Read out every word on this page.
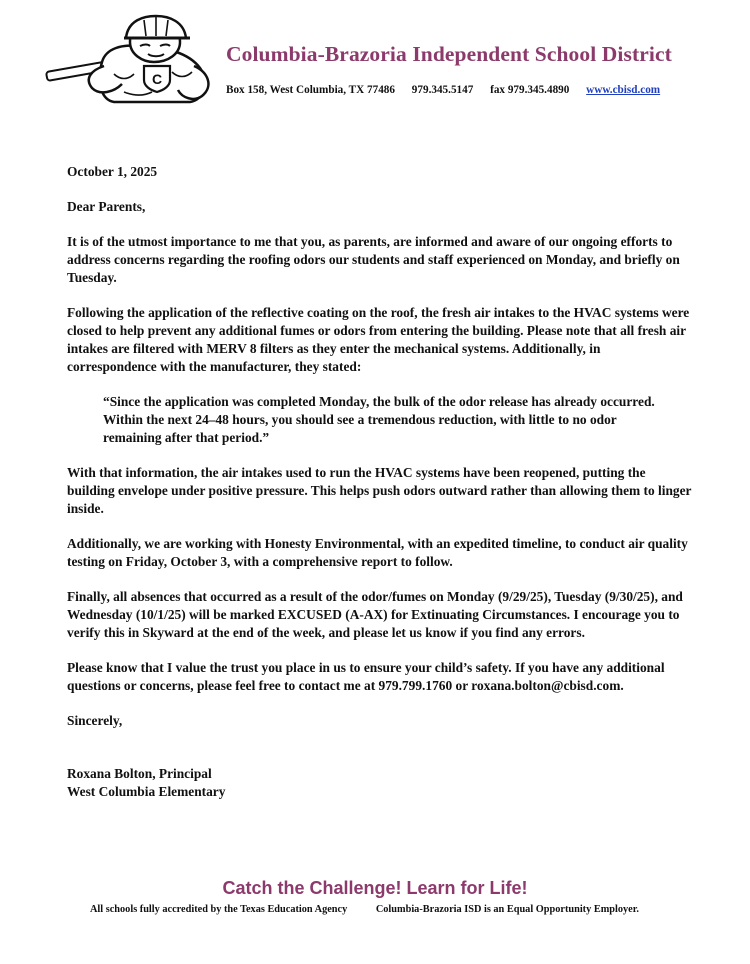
C
Columbia-Brazoria Independent School District
Box 158, West Columbia, TX 77486 979.345.5147 fax 979.345.4890 www.cbisd.com

October 1, 2025

Dear Parents,

It is of the utmost importance to me that you, as parents, are informed and aware of our ongoing efforts to address concerns regarding the roofing odors our students and staff experienced on Monday, and briefly on Tuesday.

Following the application of the reflective coating on the roof, the fresh air intakes to the HVAC systems were closed to help prevent any additional fumes or odors from entering the building. Please note that all fresh air intakes are filtered with MERV 8 filters as they enter the mechanical systems. Additionally, in correspondence with the manufacturer, they stated:

“Since the application was completed Monday, the bulk of the odor release has already occurred. Within the next 24–48 hours, you should see a tremendous reduction, with little to no odor remaining after that period.”

With that information, the air intakes used to run the HVAC systems have been reopened, putting the building envelope under positive pressure. This helps push odors outward rather than allowing them to linger inside.

Additionally, we are working with Honesty Environmental, with an expedited timeline, to conduct air quality testing on Friday, October 3, with a comprehensive report to follow.

Finally, all absences that occurred as a result of the odor/fumes on Monday (9/29/25), Tuesday (9/30/25), and Wednesday (10/1/25) will be marked EXCUSED (A-AX) for Extinuating Circumstances. I encourage you to verify this in Skyward at the end of the week, and please let us know if you find any errors.

Please know that I value the trust you place in us to ensure your child’s safety. If you have any additional questions or concerns, please feel free to contact me at 979.799.1760 or roxana.bolton@cbisd.com.

Sincerely,

Roxana Bolton, Principal
West Columbia Elementary

Catch the Challenge! Learn for Life!
All schools fully accredited by the Texas Education Agency	Columbia-Brazoria ISD is an Equal Opportunity Employer.
